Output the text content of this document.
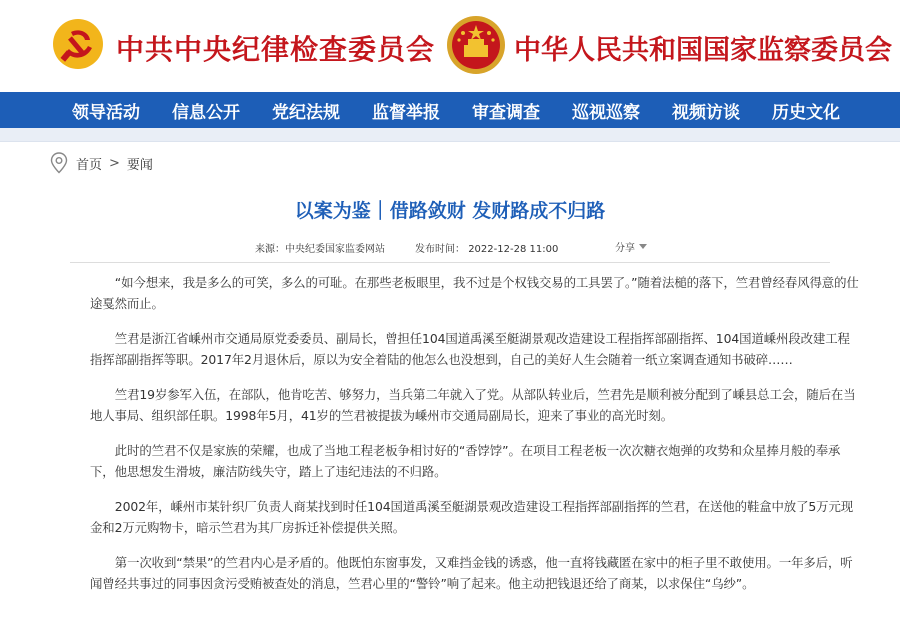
中共中央纪律检查委员会	中华人民共和国国家监察委员会
领导活动 信息公开 党纪法规 监督举报 审查调查 巡视巡察 视频访谈 历史文化
首页 > 要闻
以案为鉴｜借路敛财 发财路成不归路
来源：中央纪委国家监委网站	发布时间： 2022-12-28 11:00	分享

“如今想来，我是多么的可笑，多么的可耻。在那些老板眼里，我不过是个权钱交易的工具罢了。”随着法槌的落下，竺君曾经春风得意的仕途戛然而止。

竺君是浙江省嵊州市交通局原党委委员、副局长，曾担任104国道禹溪至艇湖景观改造建设工程指挥部副指挥、104国道嵊州段改建工程指挥部副指挥等职。2017年2月退休后，原以为安全着陆的他怎么也没想到，自己的美好人生会随着一纸立案调查通知书破碎……

竺君19岁参军入伍，在部队，他肯吃苦、够努力，当兵第二年就入了党。从部队转业后，竺君先是顺利被分配到了嵊县总工会，随后在当地人事局、组织部任职。1998年5月，41岁的竺君被提拔为嵊州市交通局副局长，迎来了事业的高光时刻。

此时的竺君不仅是家族的荣耀，也成了当地工程老板争相讨好的“香饽饽”。在项目工程老板一次次糖衣炮弹的攻势和众星捧月般的奉承下，他思想发生滑坡，廉洁防线失守，踏上了违纪违法的不归路。

2002年，嵊州市某针织厂负责人商某找到时任104国道禹溪至艇湖景观改造建设工程指挥部副指挥的竺君，在送他的鞋盒中放了5万元现金和2万元购物卡，暗示竺君为其厂房拆迁补偿提供关照。

第一次收到“禁果”的竺君内心是矛盾的。他既怕东窗事发，又难挡金钱的诱惑，他一直将钱藏匿在家中的柜子里不敢使用。一年多后，听闻曾经共事过的同事因贪污受贿被查处的消息，竺君心里的“警铃”响了起来。他主动把钱退还给了商某，以求保住“乌纱”。
